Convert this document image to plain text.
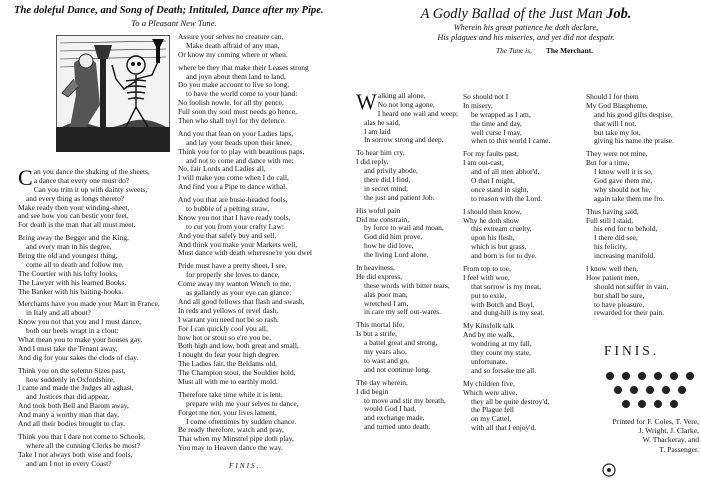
The doleful Dance, and Song of Death; Intituled, Dance after my Pipe.
To a Pleasant New Tune.
Can you dance the shaking of the sheets,
a dance that every one must do?
Can you trim it up with dainty sweets,
and every thing as longs thereto?
Make ready then your winding-sheet,
and see how you can bestir your feet,
For death is the man that all must meet.
Bring away the Begger and the King,
and every man in his degree,
Bring the old and youngest thing,
come all to death and follow me.
The Courtier with his lofty looks,
The Lawyer with his learned Books,
The Banker with his baiting-hooks.
Merchants have you made your Mart in France,
in Italy and all about?
Know you not that you and I must dance,
both our heels wrapt in a clout:
What mean you to make your houses gay,
And I must take the Tenant away,
And dig for your sakes the clods of clay.
Think you on the solemn Sizes past,
how suddenly in Oxfordshire,
I came and made the Judges all aghast,
and Justices that did appear.
And took both Bell and Barom away,
And many a worthy man that day,
And all their bodies brought to clay.
Think you that I dare not come to Schools,
where all the cunning Clerks be most?
Take I not always both wise and fools,
and am I not in every Coast?
Assure your selves no creature can,
Make death affraid of any man,
Or know my coming where or when.
where be they that make their Leases strong
and joyn about them land to land,
Do you make account to live so long,
to have the world come to your hand:
No foolish nowle, for all thy pence,
Full soon thy soul must needs go hence,
Then who shall toyl for thy defence.
And you that lean on your Ladies laps,
and lay your heads upon their knee,
Think you for to play with beautious paps,
and not to come and dance with me:
No, fair Lords and Ladies all,
I will make you come when I do call,
And find you a Pipe to dance withal.
And you that are busie-headed fools,
to bubble of a pelting straw,
Know you not that I have ready tools,
to cut you from your crafty Law:
And you that safely buy and sell,
And think you make your Markets well,
Must dance with death wheresoe're you dwel
Pride must have a pretty sheet, I see,
for properly she loves to dance,
Come away my wanton Wench to me,
as gallantly as your eye can glance:
And all good fellows that flash and swash,
In reds and yellows of revel dash,
I warrant you need not be so rash.
For I can quickly cool you all,
how hot or stout so e're you be,
Both high and low, both great and small,
I nought do fear your high degree.
The Ladies fair, the Beldams old,
The Champion stout, the Souldier bold,
Must all with me to earthly mold.
Therefore take time while it is lent,
prepare with me your selves to dance,
Forget me not, your lives lament,
I come oftentimes by sudden chance.
Be ready therefore, watch and pray,
That when my Minstrel pipe doth play,
You may to Heaven dance the way.
FINIS.
A Godly Ballad of the Just Man Job.
Wherein his great patience he doth declare,
His plagues and his miseries, and yet did not despair.
The Tune is, The Merchant.
Walking all alone,
No not long agone,
I heard one wail and weep;
alas he said,
I am laid
In sorrow strong and deep,
To hear him cry,
I did reply,
and privily abode,
there did I find,
in secret mind,
the just and patient Job.
His woful pain
Did me constrain,
by force to wail and moan,
God did him prove,
how he did love,
the living Lord alone.
In heaviness,
He did express,
these words with bitter tears,
alas poor man,
wretched I am,
in care my self out-wares.
This mortal life,
Is but a strife,
a battel great and strong,
my years also,
to wast and go,
and not continue long.
The day wherein,
I did begin
to move and stir my breath,
would God I had,
and exchange made,
and turned unto death.
So should not I
In misery,
be wrapped as I am,
the time and day,
well curse I may,
when to this world I came.
For my faults past,
I am out-cast,
and of all men abhor'd,
O that I might,
once stand in sight,
to reason with the Lord.
I should then know,
Why he doth show
this extream cruelty,
upon his flesh,
which is but grass,
and born is for to dye.
From top to toe,
I feel with woe,
that sorrow is my meat,
put to exile,
with Botch and Boyl,
and dung-hill is my seat.
My Kinsfolk talk
And by me walk,
wondring at my fall,
they count my state,
unfortunate,
and so forsake me all.
My children five,
Which were alive,
they all be quite destroy'd,
the Plague fell
on my Cattel,
with all that I enjoy'd.
Should I for them
My God Blaspheme,
and his good gifts despise,
that will I not,
but take my lot,
giving his name the praise.
They were not mine,
But for a time,
I know well it is so,
God gave them me,
why should not he,
again take them me fro.
Thus having said,
Full still I staid,
his end for to behold,
I there did see,
his felicity,
increasing manifold.
I know well then,
How patient men,
should not suffer in vain,
but shall be sure,
to have pleasure,
rewarded for their pain.
FINIS.
Printed for F. Coles, T. Vere,
J. Wright, J. Clarke,
W. Thackeray, and
T. Passenger.
